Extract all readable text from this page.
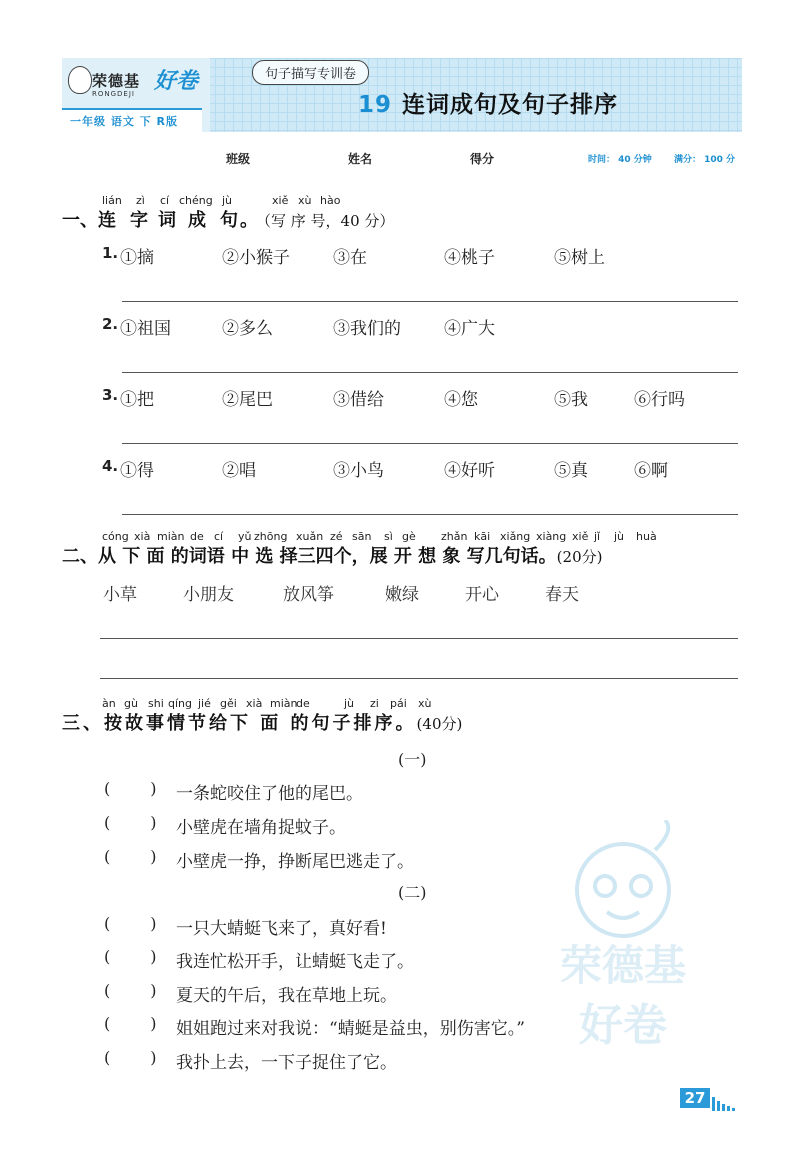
荣德基
RONGDEJI 好卷
一年级 语文 下 R版
句子描写专训卷
19 连词成句及句子排序
班级	姓名	得分	时间： 40 分钟 满分： 100 分
lián zì cí chéng jù	xiě xù hào
一、连 字 词 成 句 。（写 序 号，40 分）
1. ①摘	②小猴子	③在	④桃子	⑤树上
2. ①祖国	②多么	③我们的	④广大
3. ①把	②尾巴	③借给	④您	⑤我	⑥行吗
4. ①得	②唱	③小鸟	④好听	⑤真	⑥啊
cóng xià miàn de cí yǔ zhōng xuǎn zé sān sì gè zhǎn kāi xiǎng xiàng xiě jǐ jù huà
二、从 下 面 的词语 中 选 择三四个，展 开 想 象 写几句话。(20分)
小草	小朋友	放风筝	嫩绿	开心	春天
àn gù shi qíng jié gěi xià miàn
de	jù zi pái xù
三、按故事情节给下 面 的句子排序。(40分)
(一)
(	) 一条蛇咬住了他的尾巴。
(	) 小壁虎在墙角捉蚊子。
(	) 小壁虎一挣，挣断尾巴逃走了。
(二)
(	) 一只大蜻蜓飞来了，真好看!
(	) 我连忙松开手，让蜻蜓飞走了。
(	) 夏天的午后，我在草地上玩。
(	) 姐姐跑过来对我说：“蜻蜓是益虫，别伤害它。”
(	) 我扑上去，一下子捉住了它。
荣德基
好卷
27
